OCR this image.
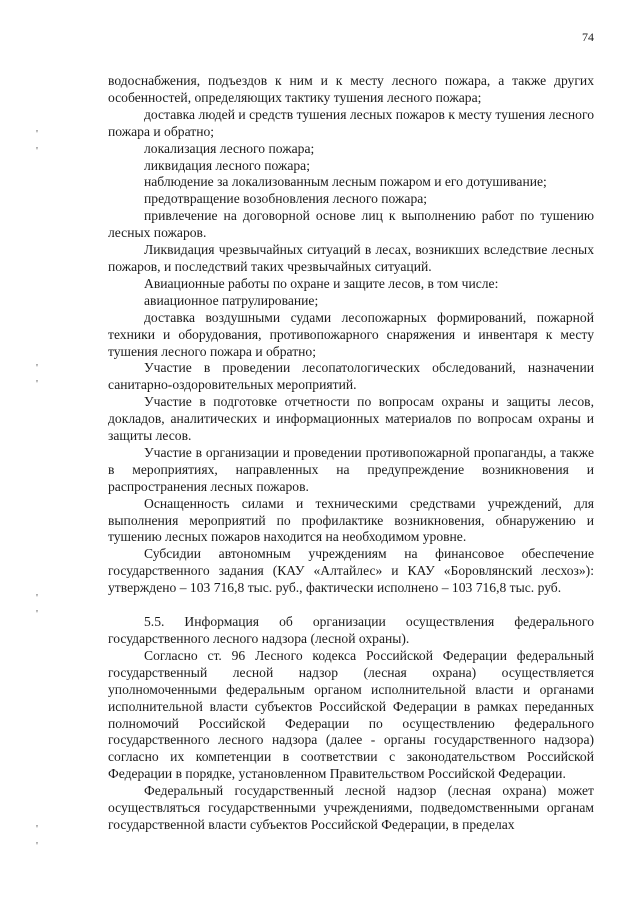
74
'
'
'
'
'
'
'
'

водоснабжения, подъездов к ним и к месту лесного пожара, а также других особенностей, определяющих тактику тушения лесного пожара;

доставка людей и средств тушения лесных пожаров к месту тушения лесного пожара и обратно;

локализация лесного пожара;

ликвидация лесного пожара;

наблюдение за локализованным лесным пожаром и его дотушивание;

предотвращение возобновления лесного пожара;

привлечение на договорной основе лиц к выполнению работ по тушению лесных пожаров.

Ликвидация чрезвычайных ситуаций в лесах, возникших вследствие лесных пожаров, и последствий таких чрезвычайных ситуаций.

Авиационные работы по охране и защите лесов, в том числе:

авиационное патрулирование;

доставка воздушными судами лесопожарных формирований, пожарной техники и оборудования, противопожарного снаряжения и инвентаря к месту тушения лесного пожара и обратно;

Участие в проведении лесопатологических обследований, назначении санитарно-оздоровительных мероприятий.

Участие в подготовке отчетности по вопросам охраны и защиты лесов, докладов, аналитических и информационных материалов по вопросам охраны и защиты лесов.

Участие в организации и проведении противопожарной пропаганды, а также в мероприятиях, направленных на предупреждение возникновения и распространения лесных пожаров.

Оснащенность силами и техническими средствами учреждений, для выполнения мероприятий по профилактике возникновения, обнаружению и тушению лесных пожаров находится на необходимом уровне.

Субсидии автономным учреждениям на финансовое обеспечение государственного задания (КАУ «Алтайлес» и КАУ «Боровлянский лесхоз»): утверждено – 103 716,8 тыс. руб., фактически исполнено – 103 716,8 тыс. руб.

5.5. Информация об организации осуществления федерального государственного лесного надзора (лесной охраны).

Согласно ст. 96 Лесного кодекса Российской Федерации федеральный государственный лесной надзор (лесная охрана) осуществляется уполномоченными федеральным органом исполнительной власти и органами исполнительной власти субъектов Российской Федерации в рамках переданных полномочий Российской Федерации по осуществлению федерального государственного лесного надзора (далее - органы государственного надзора) согласно их компетенции в соответствии с законодательством Российской Федерации в порядке, установленном Правительством Российской Федерации.

Федеральный государственный лесной надзор (лесная охрана) может осуществляться государственными учреждениями, подведомственными органам государственной власти субъектов Российской Федерации, в пределах
